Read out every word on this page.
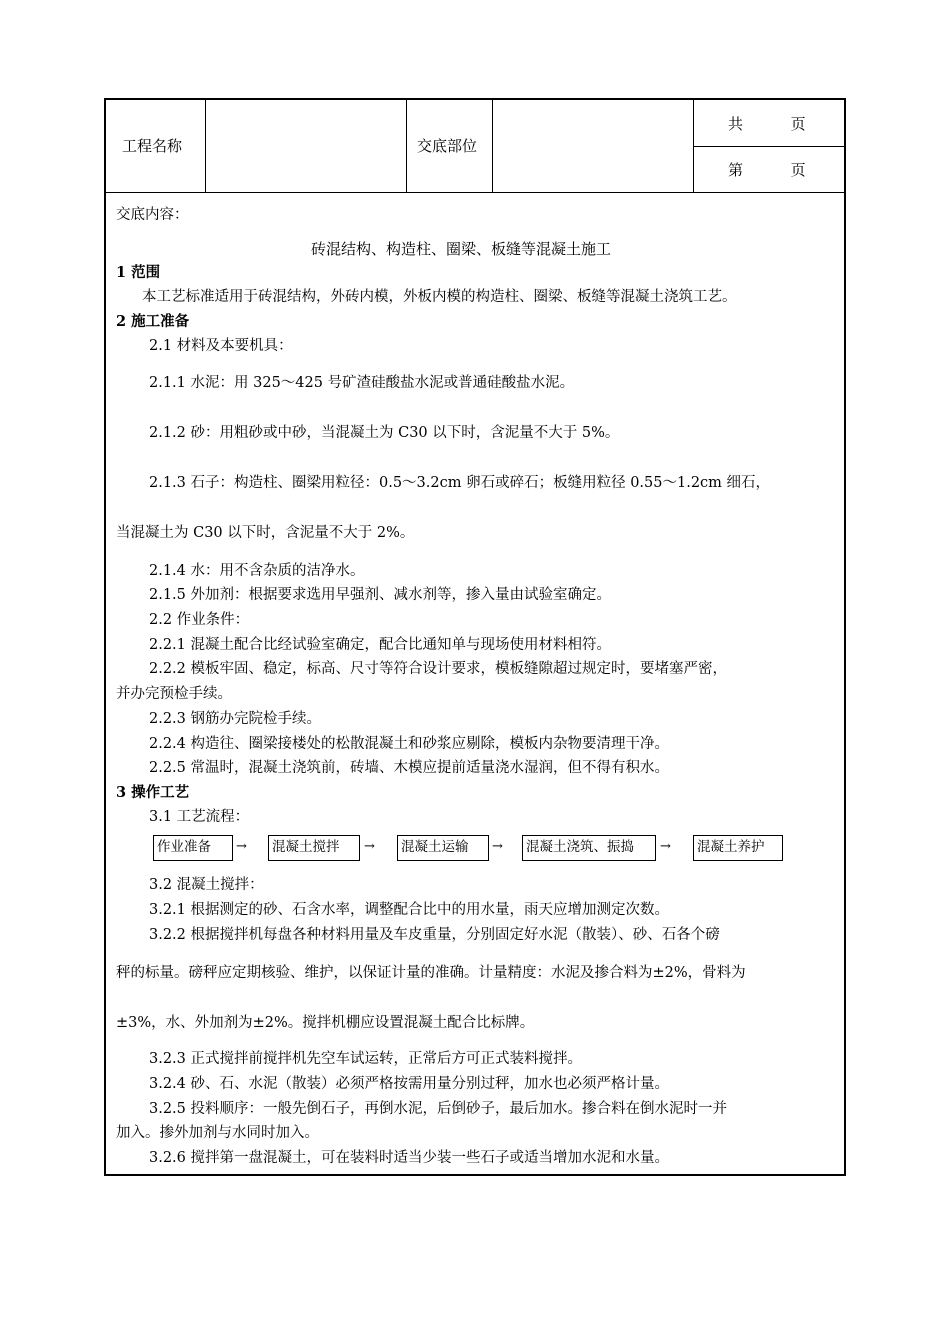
工程名称	交底部位
共          页
第          页
交底内容：
砖混结构、构造柱、圈梁、板缝等混凝土施工
1 范围
本工艺标准适用于砖混结构，外砖内模，外板内模的构造柱、圈梁、板缝等混凝土浇筑工艺。
2 施工准备
2.1 材料及本要机具：
2.1.1 水泥：用 325～425 号矿渣硅酸盐水泥或普通硅酸盐水泥。
2.1.2 砂：用粗砂或中砂，当混凝土为 C30 以下时，含泥量不大于 5%。
2.1.3 石子：构造柱、圈梁用粒径：0.5～3.2cm 卵石或碎石；板缝用粒径 0.55～1.2cm 细石，
当混凝土为 C30 以下时，含泥量不大于 2%。
2.1.4 水：用不含杂质的洁净水。
2.1.5 外加剂：根据要求选用早强剂、减水剂等，掺入量由试验室确定。
2.2 作业条件：
2.2.1 混凝土配合比经试验室确定，配合比通知单与现场使用材料相符。
2.2.2 模板牢固、稳定，标高、尺寸等符合设计要求，模板缝隙超过规定时，要堵塞严密，
并办完预检手续。
2.2.3 钢筋办完院检手续。
2.2.4 构造往、圈梁接楼处的松散混凝土和砂浆应剔除，模板内杂物要清理干净。
2.2.5 常温时，混凝土浇筑前，砖墙、木模应提前适量浇水湿润，但不得有积水。
3 操作工艺
3.1 工艺流程：
作业准备	→ 混凝土搅拌	→ 混凝土运输	→ 混凝土浇筑、振捣	→ 混凝土养护
3.2 混凝土搅拌：
3.2.1 根据测定的砂、石含水率，调整配合比中的用水量，雨天应增加测定次数。
3.2.2 根据搅拌机每盘各种材料用量及车皮重量，分别固定好水泥（散装）、砂、石各个磅
秤的标量。磅秤应定期核验、维护，以保证计量的准确。计量精度：水泥及掺合料为±2%，骨料为
±3%，水、外加剂为±2%。搅拌机棚应设置混凝土配合比标牌。
3.2.3 正式搅拌前搅拌机先空车试运转，正常后方可正式装料搅拌。
3.2.4 砂、石、水泥（散装）必须严格按需用量分别过秤，加水也必须严格计量。
3.2.5 投料顺序：一般先倒石子，再倒水泥，后倒砂子，最后加水。掺合料在倒水泥时一并
加入。掺外加剂与水同时加入。
3.2.6 搅拌第一盘混凝土，可在装料时适当少装一些石子或适当增加水泥和水量。
